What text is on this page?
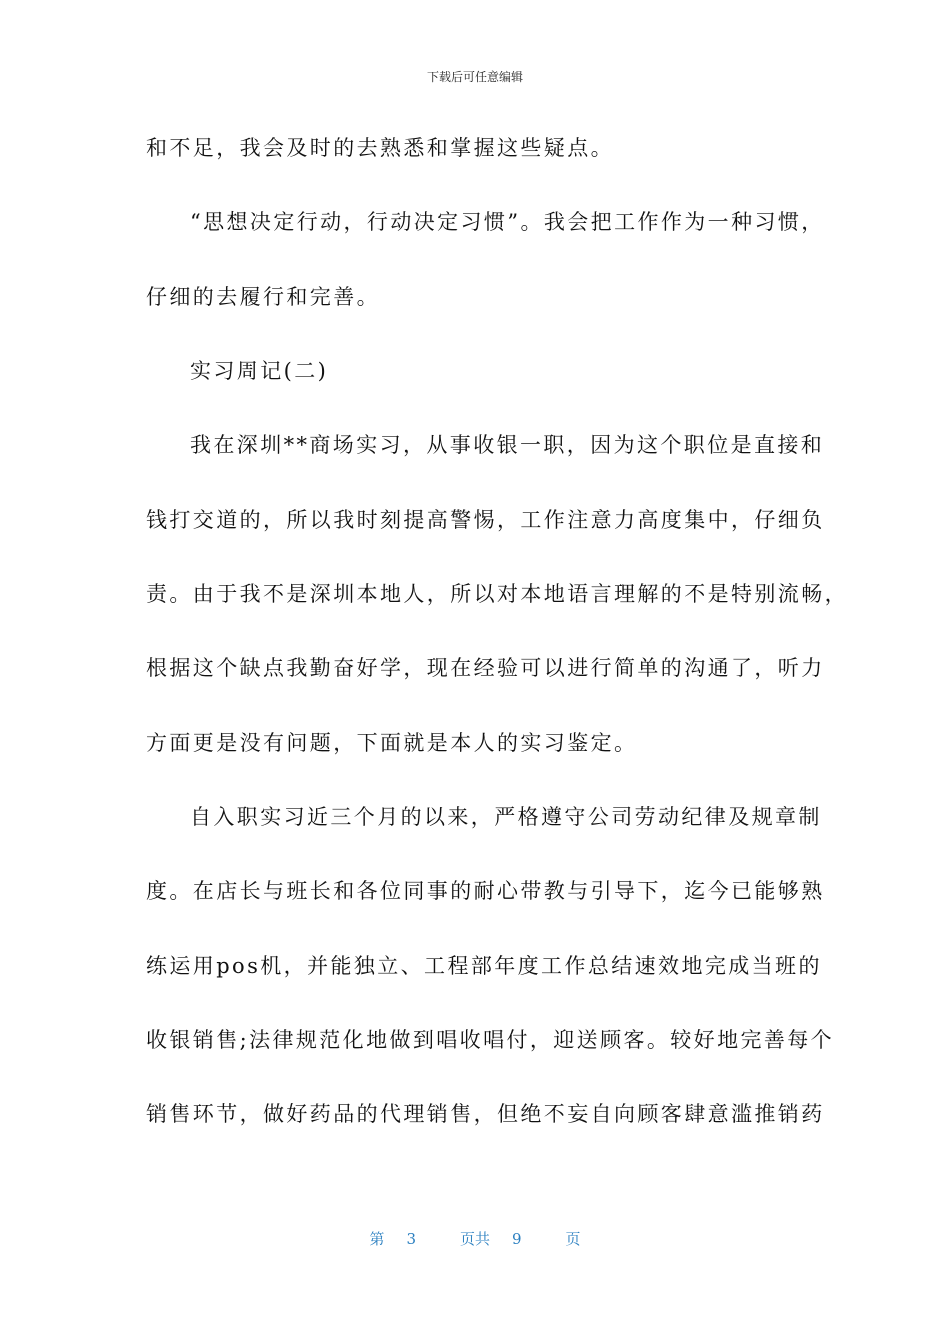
下载后可任意编辑
和不足，我会及时的去熟悉和掌握这些疑点。
“思想决定行动，行动决定习惯”。我会把工作作为一种习惯，
仔细的去履行和完善。
实习周记(二)
我在深圳**商场实习，从事收银一职，因为这个职位是直接和
钱打交道的，所以我时刻提高警惕，工作注意力高度集中，仔细负
责。由于我不是深圳本地人，所以对本地语言理解的不是特别流畅，
根据这个缺点我勤奋好学，现在经验可以进行简单的沟通了，听力
方面更是没有问题，下面就是本人的实习鉴定。
自入职实习近三个月的以来，严格遵守公司劳动纪律及规章制
度。在店长与班长和各位同事的耐心带教与引导下，迄今已能够熟
练运用pos机，并能独立、工程部年度工作总结速效地完成当班的
收银销售;法律规范化地做到唱收唱付，迎送顾客。较好地完善每个
销售环节，做好药品的代理销售，但绝不妄自向顾客肆意滥推销药
第 3	页共 9	页
